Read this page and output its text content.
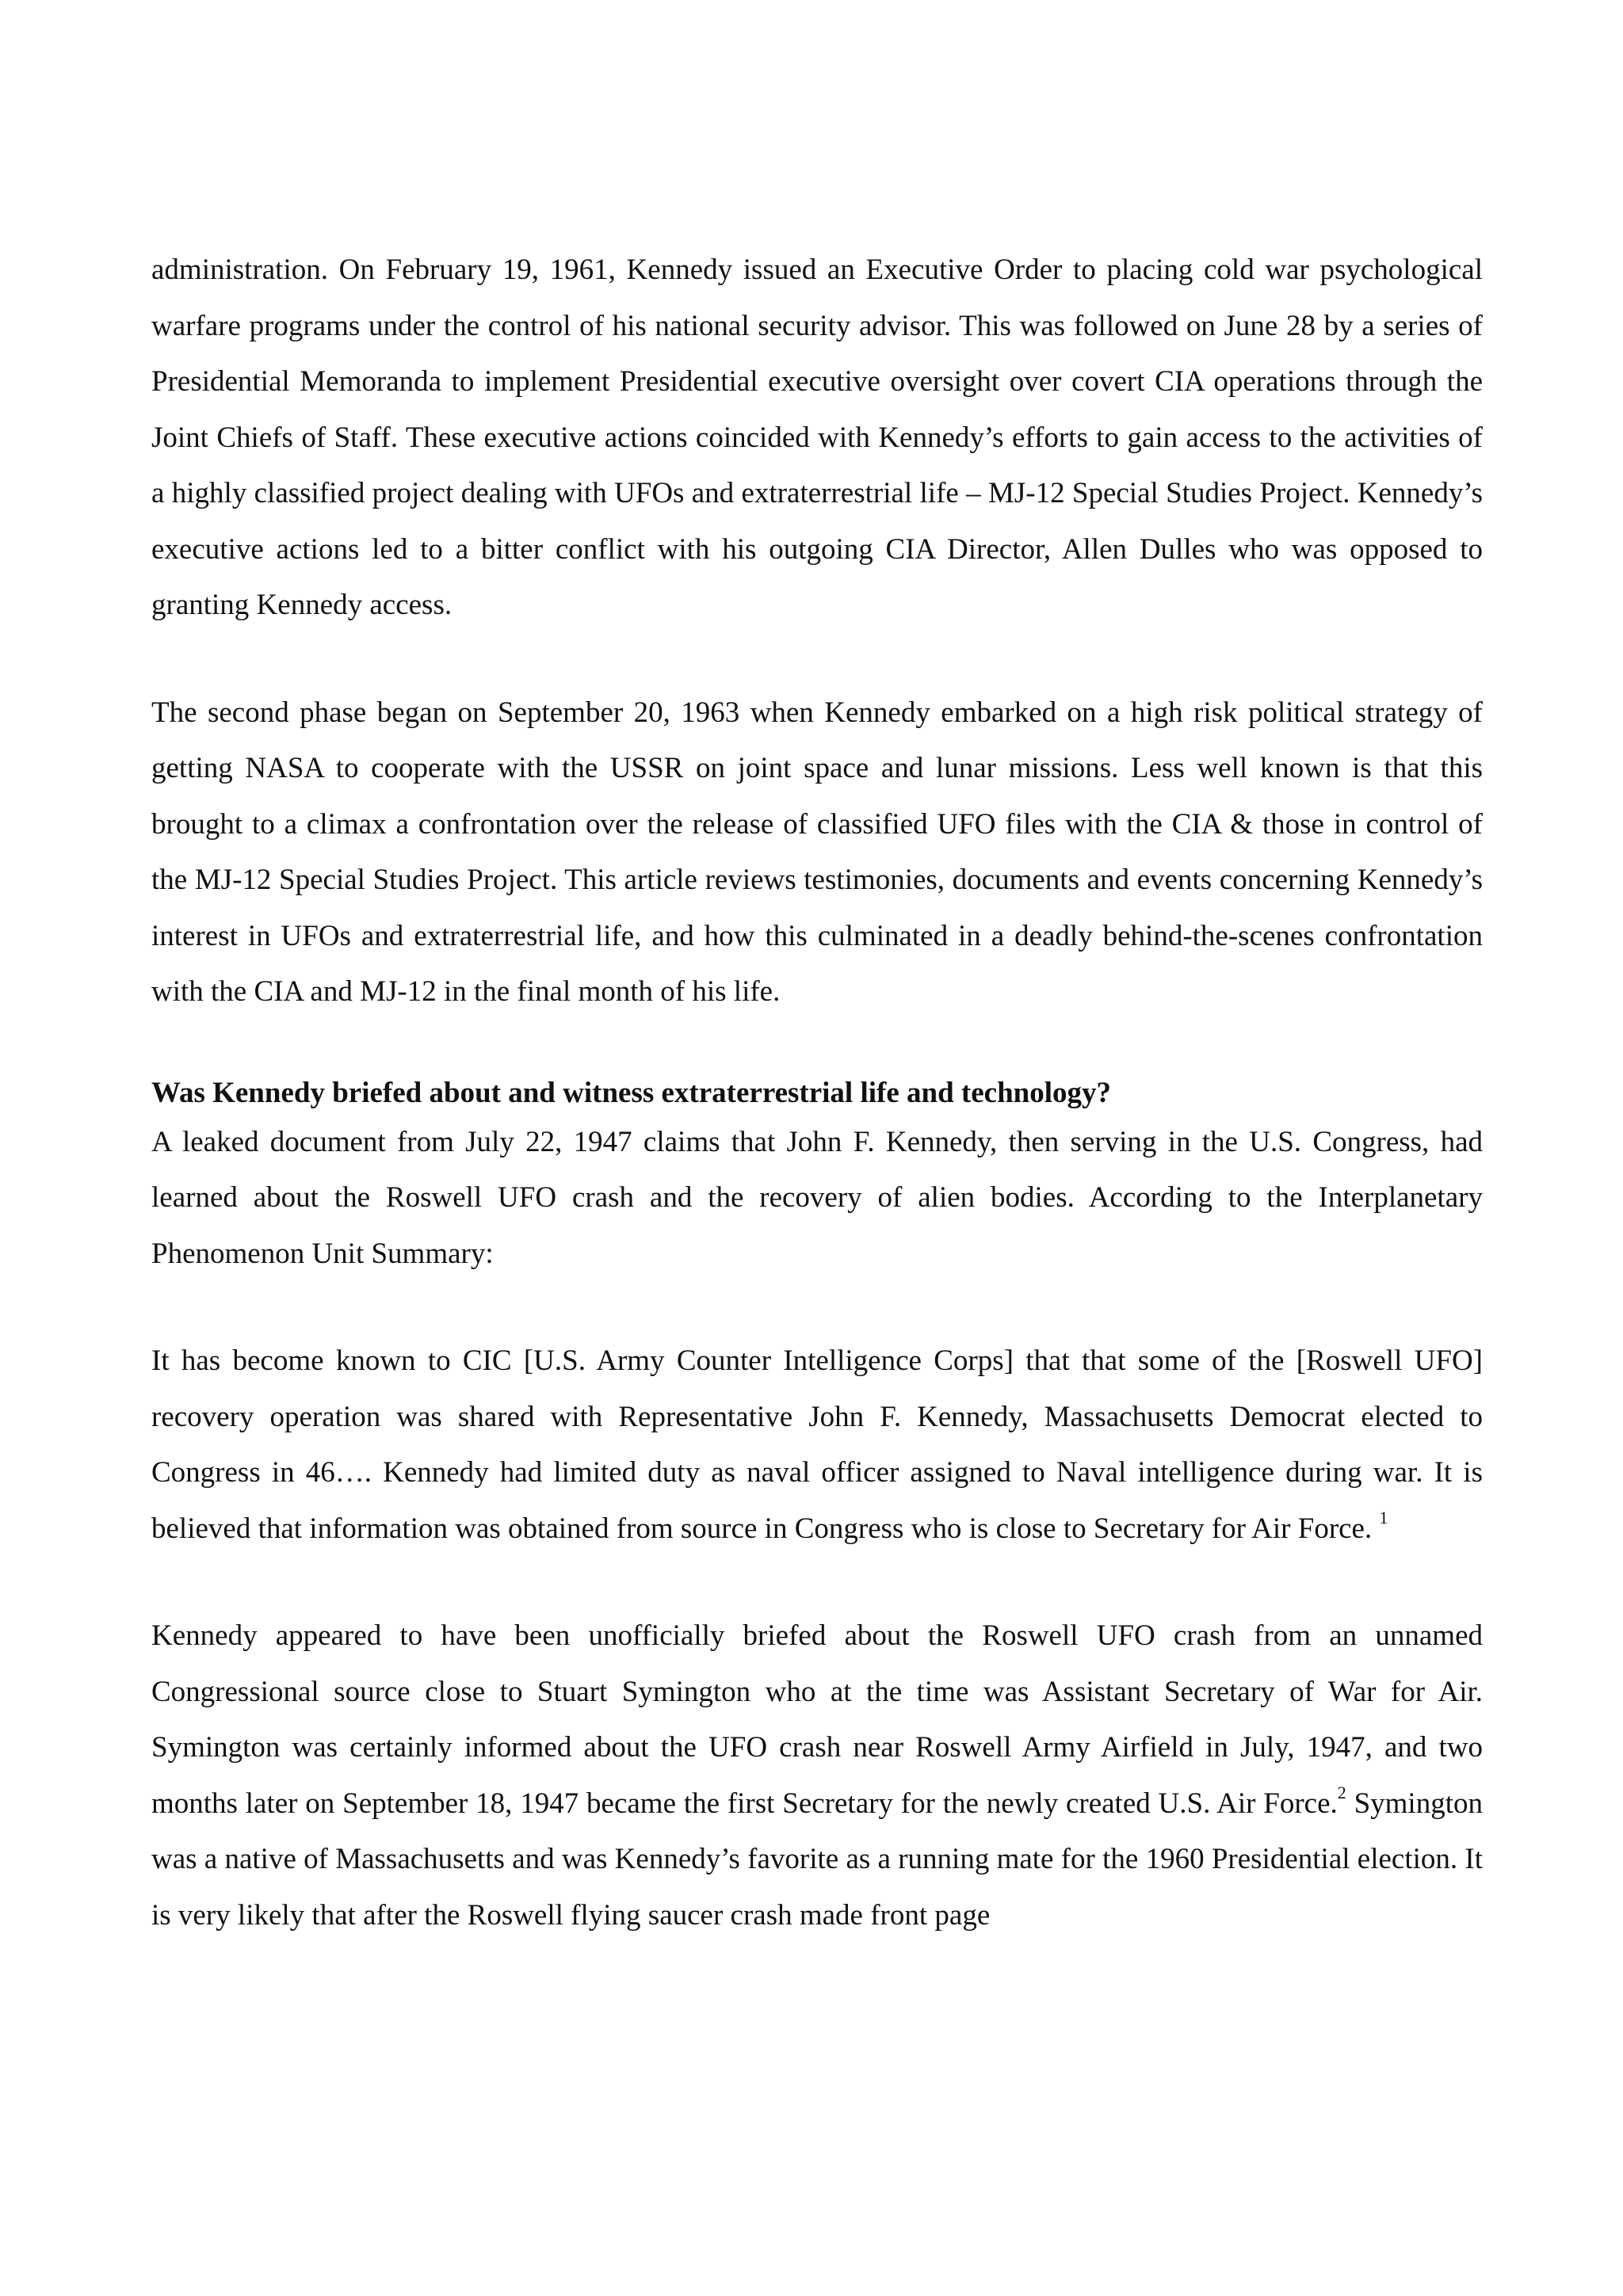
administration. On February 19, 1961, Kennedy issued an Executive Order to placing cold war psychological warfare programs under the control of his national security advisor. This was followed on June 28 by a series of Presidential Memoranda to implement Presidential executive oversight over covert CIA operations through the Joint Chiefs of Staff. These executive actions coincided with Kennedy’s efforts to gain access to the activities of a highly classified project dealing with UFOs and extraterrestrial life – MJ-12 Special Studies Project. Kennedy’s executive actions led to a bitter conflict with his outgoing CIA Director, Allen Dulles who was opposed to granting Kennedy access.

The second phase began on September 20, 1963 when Kennedy embarked on a high risk political strategy of getting NASA to cooperate with the USSR on joint space and lunar missions. Less well known is that this brought to a climax a confrontation over the release of classified UFO files with the CIA & those in control of the MJ-12 Special Studies Project. This article reviews testimonies, documents and events concerning Kennedy’s interest in UFOs and extraterrestrial life, and how this culminated in a deadly behind-the-scenes confrontation with the CIA and MJ-12 in the final month of his life.

Was Kennedy briefed about and witness extraterrestrial life and technology?

A leaked document from July 22, 1947 claims that John F. Kennedy, then serving in the U.S. Congress, had learned about the Roswell UFO crash and the recovery of alien bodies. According to the Interplanetary Phenomenon Unit Summary:

It has become known to CIC [U.S. Army Counter Intelligence Corps] that that some of the [Roswell UFO] recovery operation was shared with Representative John F. Kennedy, Massachusetts Democrat elected to Congress in 46…. Kennedy had limited duty as naval officer assigned to Naval intelligence during war. It is believed that information was obtained from source in Congress who is close to Secretary for Air Force. $^1$

Kennedy appeared to have been unofficially briefed about the Roswell UFO crash from an unnamed Congressional source close to Stuart Symington who at the time was Assistant Secretary of War for Air. Symington was certainly informed about the UFO crash near Roswell Army Airfield in July, 1947, and two months later on September 18, 1947 became the first Secretary for the newly created U.S. Air Force.$^2$ Symington was a native of Massachusetts and was Kennedy’s favorite as a running mate for the 1960 Presidential election. It is very likely that after the Roswell flying saucer crash made front page
